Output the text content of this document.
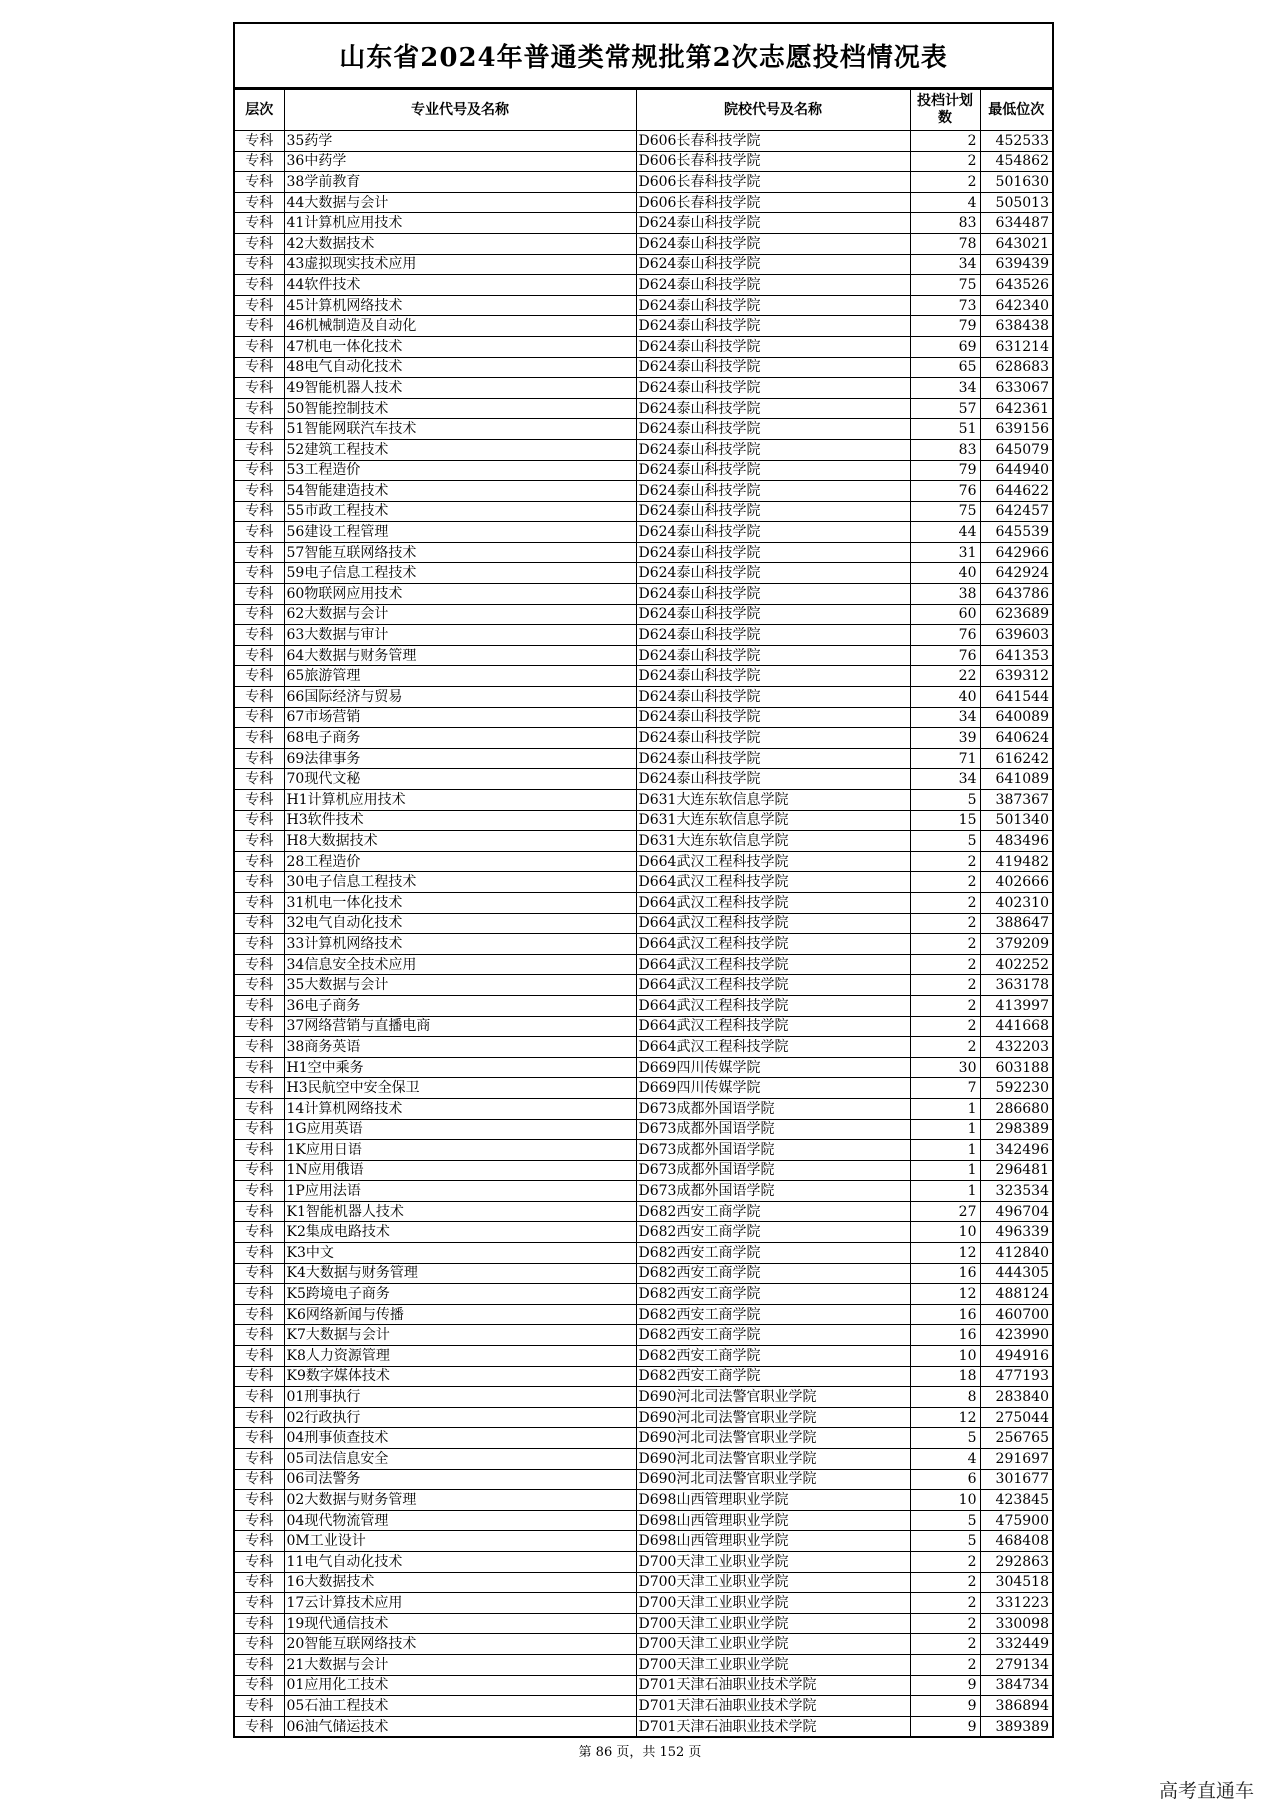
山东省2024年普通类常规批第2次志愿投档情况表
层次	专业代号及名称	院校代号及名称	投档计划数	最低位次
专科	35药学	D606长春科技学院	2	452533
专科	36中药学	D606长春科技学院	2	454862
专科	38学前教育	D606长春科技学院	2	501630
专科	44大数据与会计	D606长春科技学院	4	505013
专科	41计算机应用技术	D624泰山科技学院	83	634487
专科	42大数据技术	D624泰山科技学院	78	643021
专科	43虚拟现实技术应用	D624泰山科技学院	34	639439
专科	44软件技术	D624泰山科技学院	75	643526
专科	45计算机网络技术	D624泰山科技学院	73	642340
专科	46机械制造及自动化	D624泰山科技学院	79	638438
专科	47机电一体化技术	D624泰山科技学院	69	631214
专科	48电气自动化技术	D624泰山科技学院	65	628683
专科	49智能机器人技术	D624泰山科技学院	34	633067
专科	50智能控制技术	D624泰山科技学院	57	642361
专科	51智能网联汽车技术	D624泰山科技学院	51	639156
专科	52建筑工程技术	D624泰山科技学院	83	645079
专科	53工程造价	D624泰山科技学院	79	644940
专科	54智能建造技术	D624泰山科技学院	76	644622
专科	55市政工程技术	D624泰山科技学院	75	642457
专科	56建设工程管理	D624泰山科技学院	44	645539
专科	57智能互联网络技术	D624泰山科技学院	31	642966
专科	59电子信息工程技术	D624泰山科技学院	40	642924
专科	60物联网应用技术	D624泰山科技学院	38	643786
专科	62大数据与会计	D624泰山科技学院	60	623689
专科	63大数据与审计	D624泰山科技学院	76	639603
专科	64大数据与财务管理	D624泰山科技学院	76	641353
专科	65旅游管理	D624泰山科技学院	22	639312
专科	66国际经济与贸易	D624泰山科技学院	40	641544
专科	67市场营销	D624泰山科技学院	34	640089
专科	68电子商务	D624泰山科技学院	39	640624
专科	69法律事务	D624泰山科技学院	71	616242
专科	70现代文秘	D624泰山科技学院	34	641089
专科	H1计算机应用技术	D631大连东软信息学院	5	387367
专科	H3软件技术	D631大连东软信息学院	15	501340
专科	H8大数据技术	D631大连东软信息学院	5	483496
专科	28工程造价	D664武汉工程科技学院	2	419482
专科	30电子信息工程技术	D664武汉工程科技学院	2	402666
专科	31机电一体化技术	D664武汉工程科技学院	2	402310
专科	32电气自动化技术	D664武汉工程科技学院	2	388647
专科	33计算机网络技术	D664武汉工程科技学院	2	379209
专科	34信息安全技术应用	D664武汉工程科技学院	2	402252
专科	35大数据与会计	D664武汉工程科技学院	2	363178
专科	36电子商务	D664武汉工程科技学院	2	413997
专科	37网络营销与直播电商	D664武汉工程科技学院	2	441668
专科	38商务英语	D664武汉工程科技学院	2	432203
专科	H1空中乘务	D669四川传媒学院	30	603188
专科	H3民航空中安全保卫	D669四川传媒学院	7	592230
专科	14计算机网络技术	D673成都外国语学院	1	286680
专科	1G应用英语	D673成都外国语学院	1	298389
专科	1K应用日语	D673成都外国语学院	1	342496
专科	1N应用俄语	D673成都外国语学院	1	296481
专科	1P应用法语	D673成都外国语学院	1	323534
专科	K1智能机器人技术	D682西安工商学院	27	496704
专科	K2集成电路技术	D682西安工商学院	10	496339
专科	K3中文	D682西安工商学院	12	412840
专科	K4大数据与财务管理	D682西安工商学院	16	444305
专科	K5跨境电子商务	D682西安工商学院	12	488124
专科	K6网络新闻与传播	D682西安工商学院	16	460700
专科	K7大数据与会计	D682西安工商学院	16	423990
专科	K8人力资源管理	D682西安工商学院	10	494916
专科	K9数字媒体技术	D682西安工商学院	18	477193
专科	01刑事执行	D690河北司法警官职业学院	8	283840
专科	02行政执行	D690河北司法警官职业学院	12	275044
专科	04刑事侦查技术	D690河北司法警官职业学院	5	256765
专科	05司法信息安全	D690河北司法警官职业学院	4	291697
专科	06司法警务	D690河北司法警官职业学院	6	301677
专科	02大数据与财务管理	D698山西管理职业学院	10	423845
专科	04现代物流管理	D698山西管理职业学院	5	475900
专科	0M工业设计	D698山西管理职业学院	5	468408
专科	11电气自动化技术	D700天津工业职业学院	2	292863
专科	16大数据技术	D700天津工业职业学院	2	304518
专科	17云计算技术应用	D700天津工业职业学院	2	331223
专科	19现代通信技术	D700天津工业职业学院	2	330098
专科	20智能互联网络技术	D700天津工业职业学院	2	332449
专科	21大数据与会计	D700天津工业职业学院	2	279134
专科	01应用化工技术	D701天津石油职业技术学院	9	384734
专科	05石油工程技术	D701天津石油职业技术学院	9	386894
专科	06油气储运技术	D701天津石油职业技术学院	9	389389
第 86 页，共 152 页
高考直通车
